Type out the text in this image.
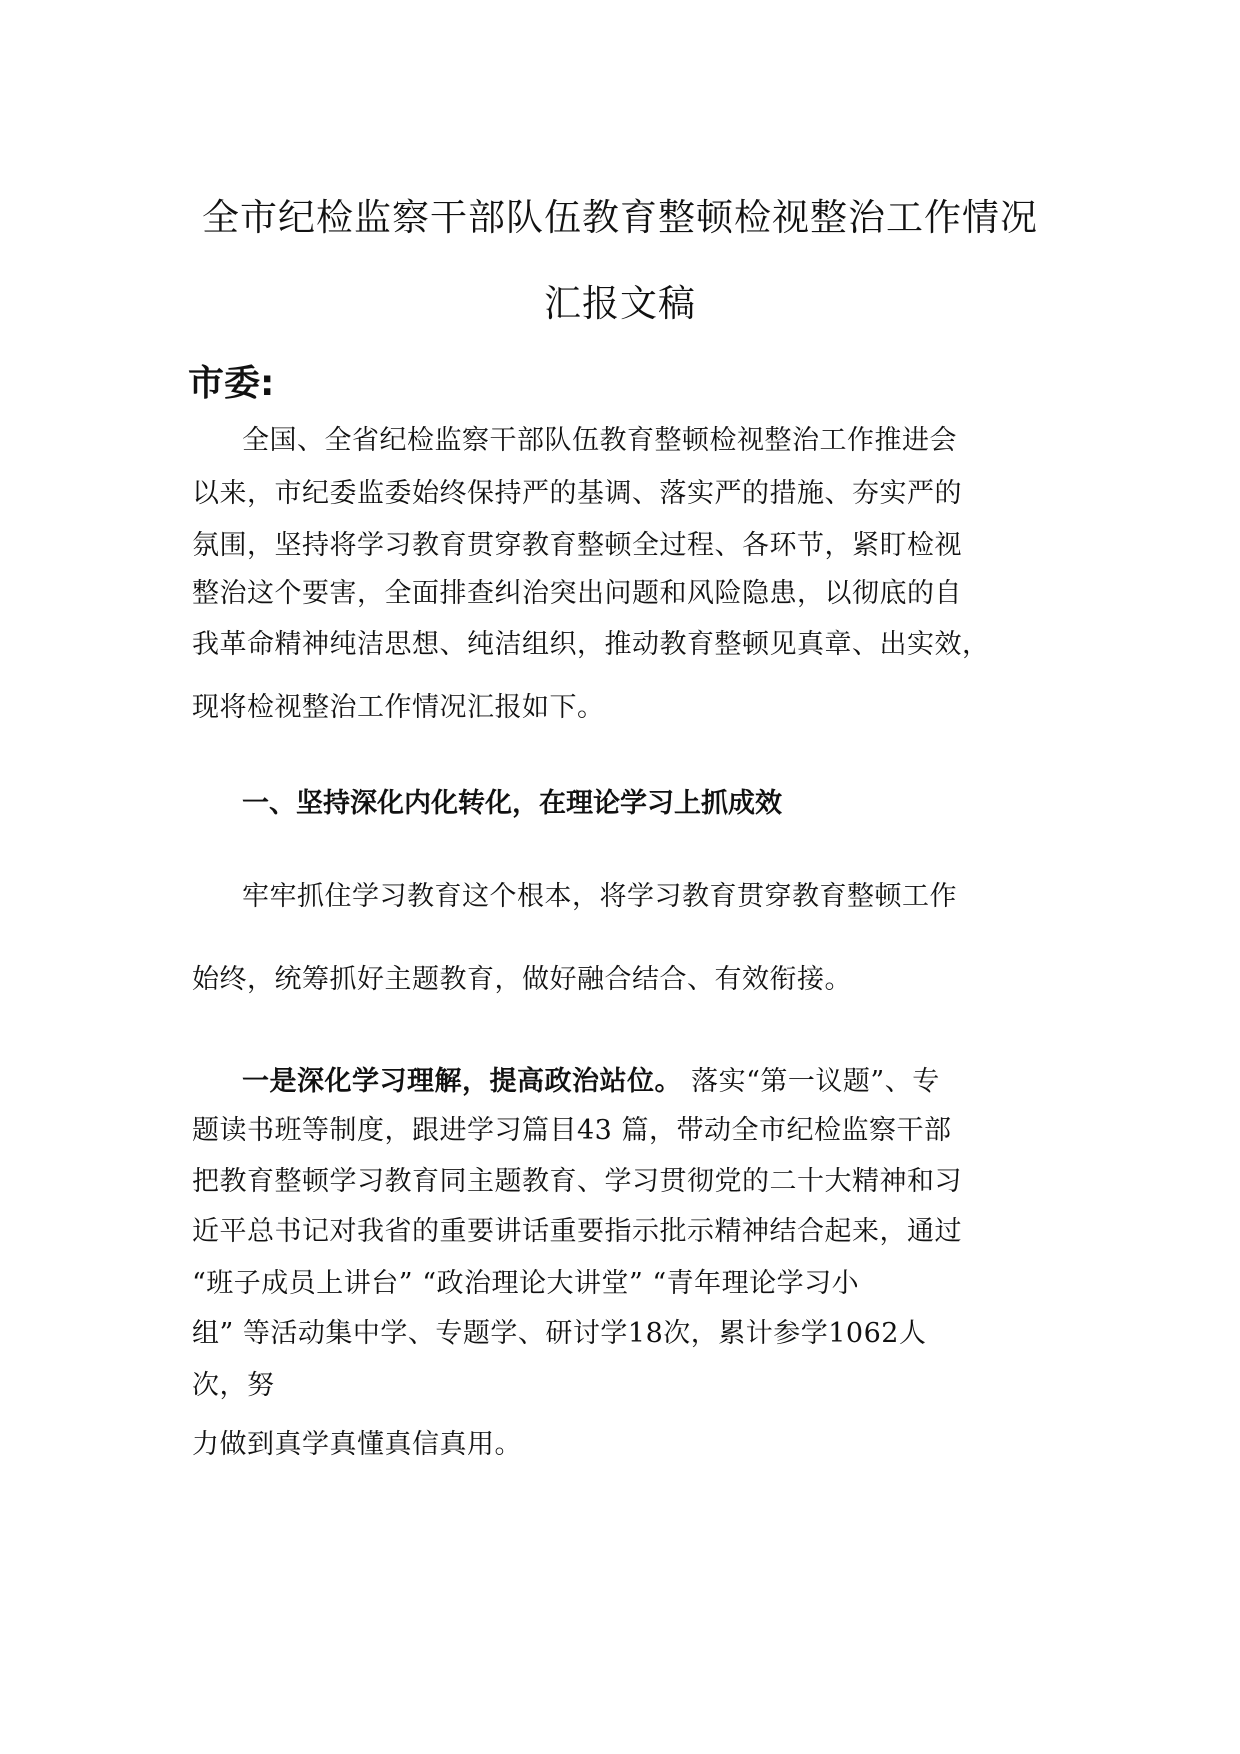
全市纪检监察干部队伍教育整顿检视整治工作情况
汇报文稿
市委:
全国、全省纪检监察干部队伍教育整顿检视整治工作推进会
以来，市纪委监委始终保持严的基调、落实严的措施、夯实严的
氛围，坚持将学习教育贯穿教育整顿全过程、各环节，紧盯检视
整治这个要害，全面排查纠治突出问题和风险隐患，以彻底的自
我革命精神纯洁思想、纯洁组织，推动教育整顿见真章、出实效，
现将检视整治工作情况汇报如下。
一、坚持深化内化转化，在理论学习上抓成效
牢牢抓住学习教育这个根本，将学习教育贯穿教育整顿工作
始终，统筹抓好主题教育，做好融合结合、有效衔接。
一是深化学习理解，提高政治站位。 落实“第一议题”、专
题读书班等制度，跟进学习篇目43 篇，带动全市纪检监察干部
把教育整顿学习教育同主题教育、学习贯彻党的二十大精神和习
近平总书记对我省的重要讲话重要指示批示精神结合起来，通过
“班子成员上讲台” “政治理论大讲堂” “青年理论学习小
组” 等活动集中学、专题学、研讨学18次，累计参学1062人
次，努
力做到真学真懂真信真用。
